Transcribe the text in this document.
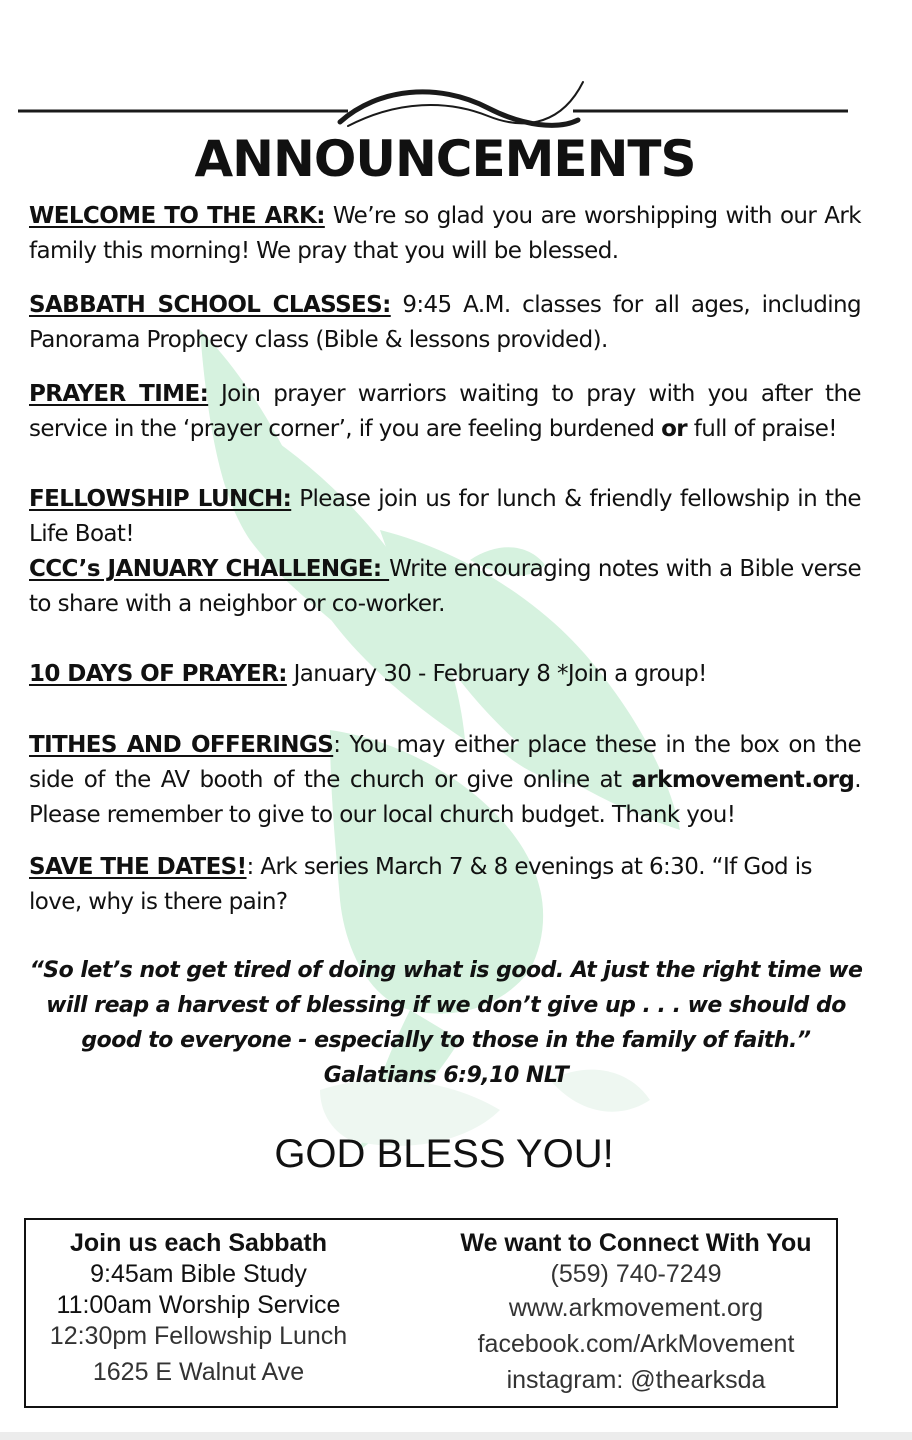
ANNOUNCEMENTS

WELCOME TO THE ARK: We’re so glad you are worshipping with our Ark family this morning! We pray that you will be blessed.

SABBATH SCHOOL CLASSES: 9:45 A.M. classes for all ages, including Panorama Prophecy class (Bible & lessons provided).

PRAYER TIME: Join prayer warriors waiting to pray with you after the service in the ‘prayer corner’, if you are feeling burdened or full of praise!

FELLOWSHIP LUNCH: Please join us for lunch & friendly fellowship in the Life Boat!

CCC’s JANUARY CHALLENGE: Write encouraging notes with a Bible verse to share with a neighbor or co-worker.

10 DAYS OF PRAYER: January 30 - February 8 *Join a group!

TITHES AND OFFERINGS: You may either place these in the box on the side of the AV booth of the church or give online at arkmovement.org. Please remember to give to our local church budget. Thank you!

SAVE THE DATES!: Ark series March 7 & 8 evenings at 6:30. “If God is love, why is there pain?

“So let’s not get tired of doing what is good. At just the right time we
will reap a harvest of blessing if we don’t give up . . . we should do
good to everyone - especially to those in the family of faith.”
Galatians 6:9,10 NLT
GOD BLESS YOU!

Join us each Sabbath

9:45am Bible Study

11:00am Worship Service

12:30pm Fellowship Lunch

1625 E Walnut Ave

We want to Connect With You

(559) 740-7249

www.arkmovement.org

facebook.com/ArkMovement

instagram: @thearksda
